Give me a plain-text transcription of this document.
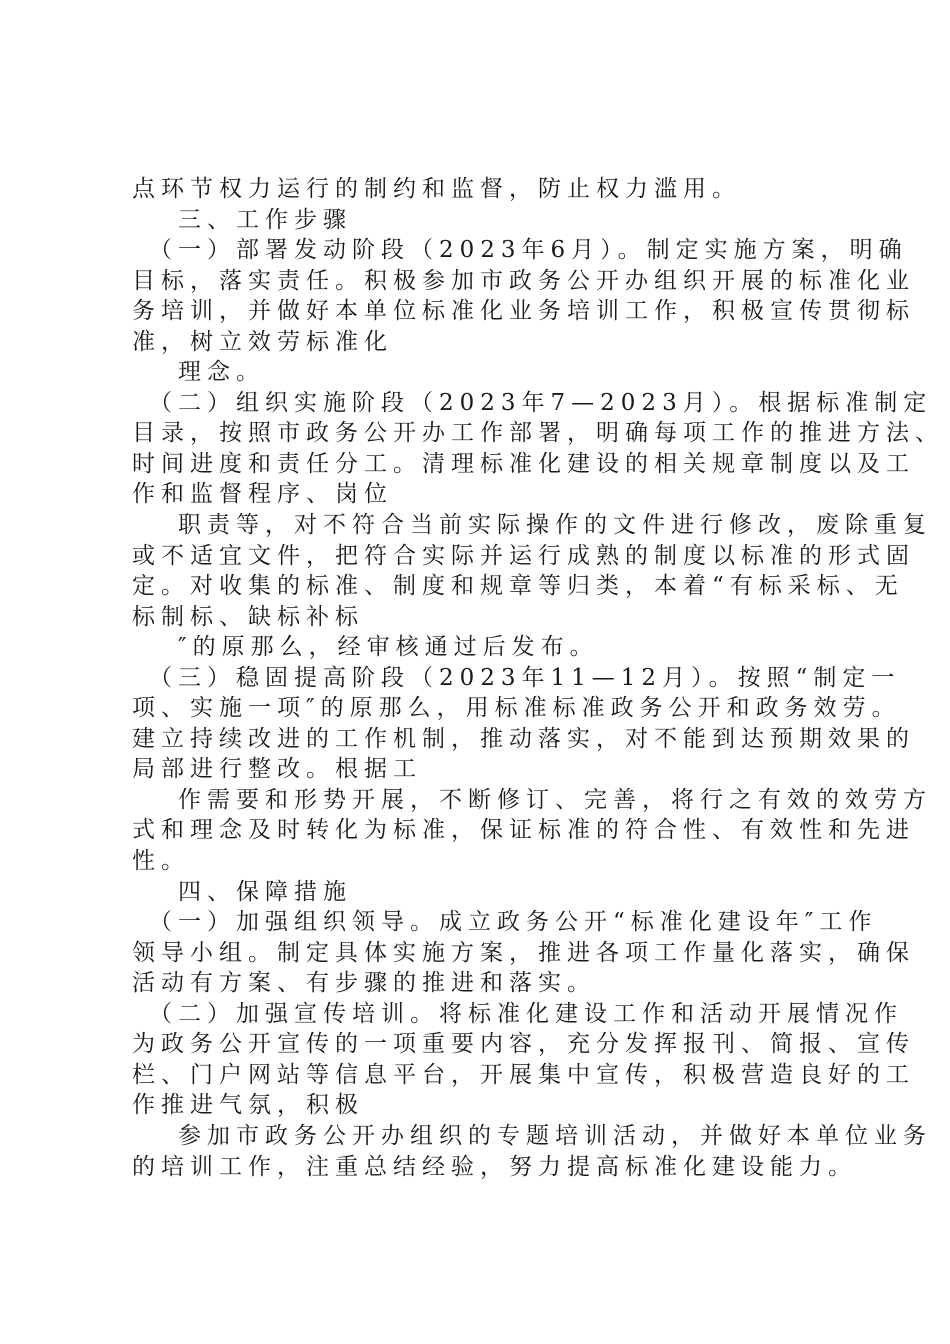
点环节权力运行的制约和监督，防止权力滥用。
三、工作步骤
（一）部署发动阶段（2023年6月）。制定实施方案，明确
目标，落实责任。积极参加市政务公开办组织开展的标准化业
务培训，并做好本单位标准化业务培训工作，积极宣传贯彻标
准，树立效劳标准化
理念。
（二）组织实施阶段（2023年7—2023月）。根据标准制定
目录，按照市政务公开办工作部署，明确每项工作的推进方法、
时间进度和责任分工。清理标准化建设的相关规章制度以及工
作和监督程序、岗位
职责等，对不符合当前实际操作的文件进行修改，废除重复
或不适宜文件，把符合实际并运行成熟的制度以标准的形式固
定。对收集的标准、制度和规章等归类，本着“有标采标、无
标制标、缺标补标
″的原那么，经审核通过后发布。
（三）稳固提高阶段（2023年11—12月）。按照“制定一
项、实施一项″的原那么，用标准标准政务公开和政务效劳。
建立持续改进的工作机制，推动落实，对不能到达预期效果的
局部进行整改。根据工
作需要和形势开展，不断修订、完善，将行之有效的效劳方
式和理念及时转化为标准，保证标准的符合性、有效性和先进
性。
四、保障措施
（一）加强组织领导。成立政务公开“标准化建设年″工作
领导小组。制定具体实施方案，推进各项工作量化落实，确保
活动有方案、有步骤的推进和落实。
（二）加强宣传培训。将标准化建设工作和活动开展情况作
为政务公开宣传的一项重要内容，充分发挥报刊、简报、宣传
栏、门户网站等信息平台，开展集中宣传，积极营造良好的工
作推进气氛，积极
参加市政务公开办组织的专题培训活动，并做好本单位业务
的培训工作，注重总结经验，努力提高标准化建设能力。
